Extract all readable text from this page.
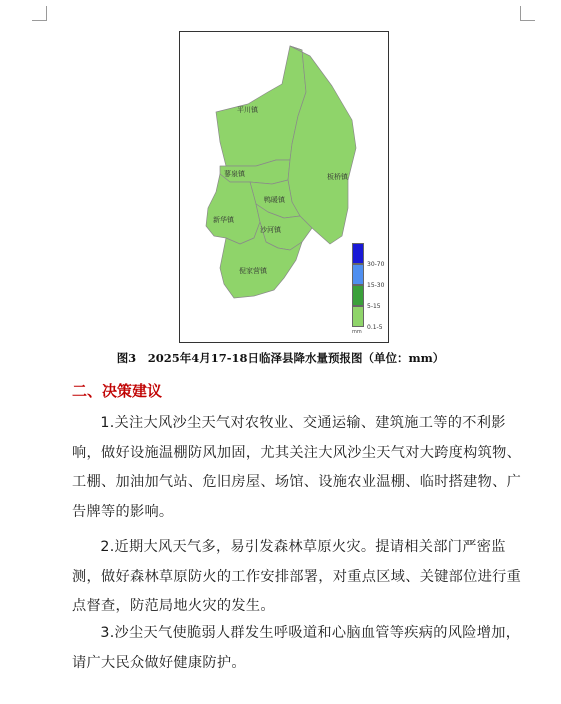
平川镇
蓼泉镇	板桥镇
鸭暖镇
新华镇
沙河镇
倪家营镇
mm
30-70
15-30
5-15
0.1-5
图3　2025年4月17-18日临泽县降水量预报图（单位：mm）
二、决策建议
1.关注大风沙尘天气对农牧业、交通运输、建筑施工等的不利影响，做好设施温棚防风加固，尤其关注大风沙尘天气对大跨度构筑物、工棚、加油加气站、危旧房屋、场馆、设施农业温棚、临时搭建物、广告牌等的影响。
2.近期大风天气多，易引发森林草原火灾。提请相关部门严密监测，做好森林草原防火的工作安排部署，对重点区域、关键部位进行重点督查，防范局地火灾的发生。
3.沙尘天气使脆弱人群发生呼吸道和心脑血管等疾病的风险增加，请广大民众做好健康防护。
